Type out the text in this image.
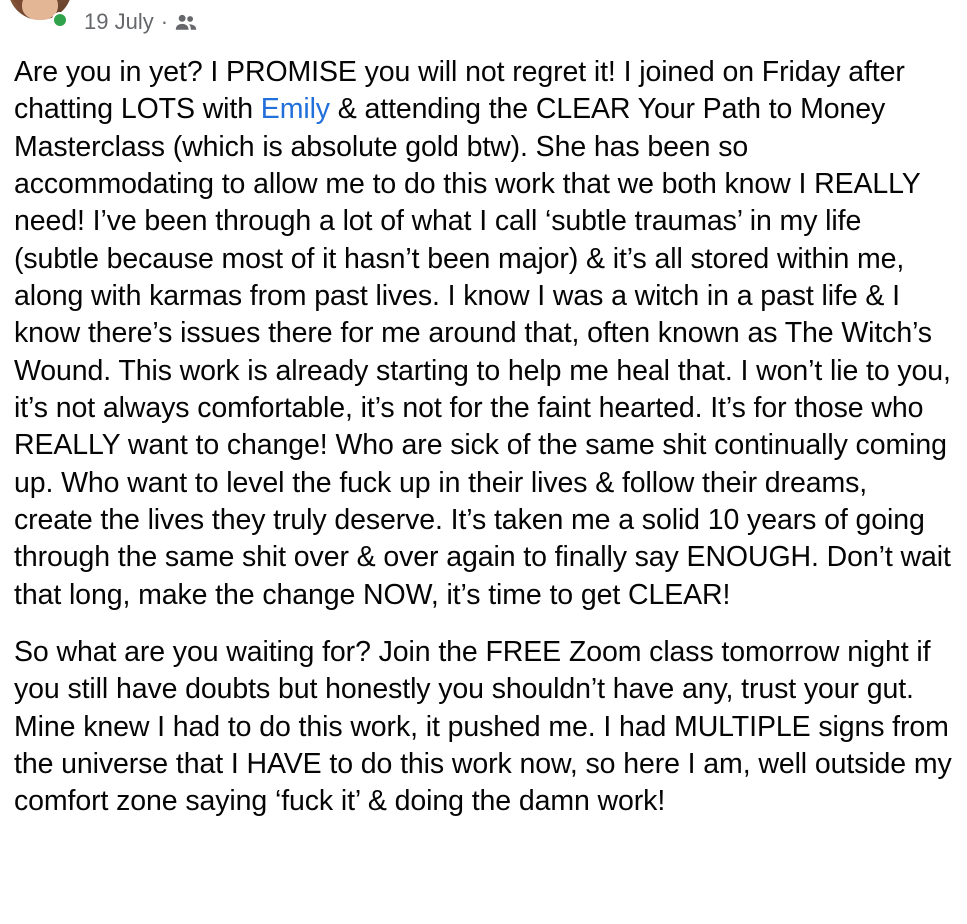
19 July ·

Are you in yet? I PROMISE you will not regret it! I joined on Friday after chatting LOTS with Emily & attending the CLEAR Your Path to Money Masterclass (which is absolute gold btw). She has been so accommodating to allow me to do this work that we both know I REALLY need! I’ve been through a lot of what I call ‘subtle traumas’ in my life (subtle because most of it hasn’t been major) & it’s all stored within me, along with karmas from past lives. I know I was a witch in a past life & I know there’s issues there for me around that, often known as The Witch’s Wound. This work is already starting to help me heal that. I won’t lie to you, it’s not always comfortable, it’s not for the faint hearted. It’s for those who REALLY want to change! Who are sick of the same shit continually coming up. Who want to level the fuck up in their lives & follow their dreams, create the lives they truly deserve. It’s taken me a solid 10 years of going through the same shit over & over again to finally say ENOUGH. Don’t wait that long, make the change NOW, it’s time to get CLEAR!

So what are you waiting for? Join the FREE Zoom class tomorrow night if you still have doubts but honestly you shouldn’t have any, trust your gut. Mine knew I had to do this work, it pushed me. I had MULTIPLE signs from the universe that I HAVE to do this work now, so here I am, well outside my comfort zone saying ‘fuck it’ & doing the damn work!
